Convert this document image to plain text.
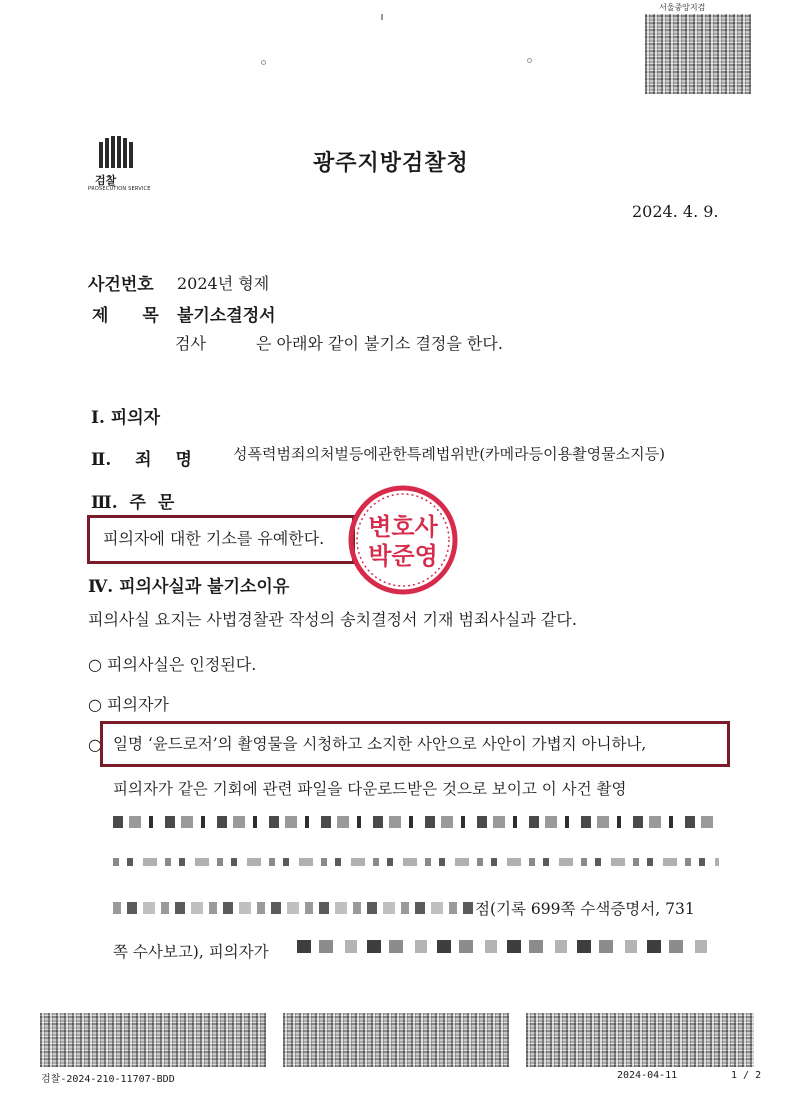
서울중앙지검
검찰
PROSECUTION SERVICE
광주지방검찰청
2024. 4. 9.
사건번호 2024년 형제
제 목 불기소결정서
검사	은 아래와 같이 불기소 결정을 한다.
Ⅰ. 피의자
Ⅱ. 죄 명	성폭력범죄의처벌등에관한특례법위반(카메라등이용촬영물소지등)
Ⅲ. 주 문
피의자에 대한 기소를 유예한다. 변호사
박준영
Ⅳ. 피의사실과 불기소이유
피의사실 요지는 사법경찰관 작성의 송치결정서 기재 범죄사실과 같다.
○ 피의사실은 인정된다.
○ 피의자가
○ 일명 ‘윤드로저’의 촬영물을 시청하고 소지한 사안으로 사안이 가볍지 아니하나,
피의자가 같은 기회에 관련 파일을 다운로드받은 것으로 보이고 이 사건 촬영
점(기록 699쪽 수색증명서, 731
쪽 수사보고), 피의자가
검찰-2024-210-11707-BDD	2024-04-11	1 / 2
